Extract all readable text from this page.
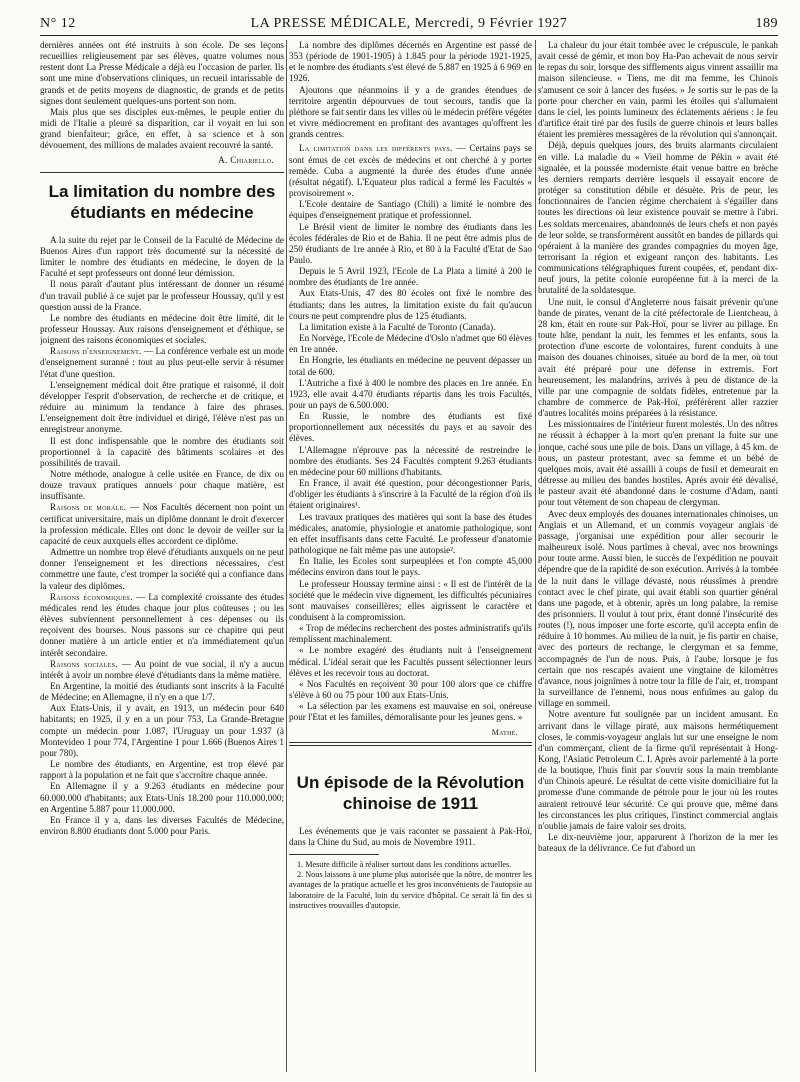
N° 12	LA PRESSE MÉDICALE, Mercredi, 9 Février 1927	189

dernières années ont été instruits à son école. De ses leçons recueillies religieusement par ses élèves, quatre volumes nous restent dont La Presse Médicale a déjà eu l'occasion de parler. Ils sont une mine d'observations cliniques, un recueil intarissable de grands et de petits moyens de diagnostic, de grands et de petits signes dont seulement quelques-uns portent son nom.

Mais plus que ses disciples eux-mêmes, le peuple entier du midi de l'Italie a pleuré sa disparition, car il voyait en lui son grand bienfaiteur; grâce, en effet, à sa science et à son dévouement, des millions de malades avaient recouvré la santé.

A. Chiariello.
La limitation du nombre des étudiants en médecine

A la suite du rejet par le Conseil de la Faculté de Médecine de Buenos Aires d'un rapport très documenté sur la nécessité de limiter le nombre des étudiants en médecine, le doyen de la Faculté et sept professeurs ont donné leur démission.

Il nous paraît d'autant plus intéressant de donner un résumé d'un travail publié à ce sujet par le professeur Houssay, qu'il y est question aussi de la France.

Le nombre des étudiants en médecine doit être limité, dit le professeur Houssay. Aux raisons d'enseignement et d'éthique, se joignent des raisons économiques et sociales.

Raisons d'enseignement. — La conférence verbale est un mode d'enseignement suranné : tout au plus peut-elle servir à résumer l'état d'une question.

L'enseignement médical doit être pratique et raisonné, il doit développer l'esprit d'observation, de recherche et de critique, et réduire au minimum la tendance à faire des phrases. L'enseignement doit être individuel et dirigé, l'élève n'est pas un enregistreur anonyme.

Il est donc indispensable que le nombre des étudiants soit proportionnel à la capacité des bâtiments scolaires et des possibilités de travail.

Notre méthode, analogue à celle usitée en France, de dix ou douze travaux pratiques annuels pour chaque matière, est insuffisante.

Raisons de morale. — Nos Facultés décernent non point un certificat universitaire, mais un diplôme donnant le droit d'exercer la profession médicale. Elles ont donc le devoir de veiller sur la capacité de ceux auxquels elles accordent ce diplôme.

Admettre un nombre trop élevé d'étudiants auxquels on ne peut donner l'enseignement et les directions nécessaires, c'est commettre une faute, c'est tromper la société qui a confiance dans la valeur des diplômes.

Raisons économiques. — La complexité croissante des études médicales rend les études chaque jour plus coûteuses ; ou les élèves subviennent personnellement à ces dépenses ou ils reçoivent des bourses. Nous passons sur ce chapitre qui peut donner matière à un article entier et n'a immédiatement qu'un intérêt secondaire.

Raisons sociales. — Au point de vue social, il n'y a aucun intérêt à avoir un nombre élevé d'étudiants dans la même matière.

En Argentine, la moitié des étudiants sont inscrits à la Faculté de Médecine; en Allemagne, il n'y en a que 1/7.

Aux Etats-Unis, il y avait, en 1913, un médecin pour 640 habitants; en 1925, il y en a un pour 753, La Grande-Bretagne compte un médecin pour 1.087, l'Uruguay un pour 1.937 (à Montevideo 1 pour 774, l'Argentine 1 pour 1.666 (Buenos Aires 1 pour 780).

Le nombre des étudiants, en Argentine, est trop élevé par rapport à la population et ne fait que s'accroître chaque année.

En Allemagne il y a 9.263 étudiants en médecine pour 60.000.000 d'habitants; aux Etats-Unis 18.200 pour 110.000.000; en Argentine 5.887 pour 11.000.000.

En France il y a, dans les diverses Facultés de Médecine, environ 8.800 étudiants dont 5.000 pour Paris.

La nombre des diplômes décernés en Argentine est passé de 353 (période de 1901-1905) à 1.845 pour la période 1921-1925, et le nombre des étudiants s'est élevé de 5.887 en 1925 à 6 969 en 1926.

Ajoutons que néanmoins il y a de grandes étendues de territoire argentin dépourvues de tout secours, tandis que la pléthore se fait sentir dans les villes où le médecin préfère végéter et vivre médiocrement en profitant des avantages qu'offrent les grands centres.

La limitation dans les différents pays. — Certains pays se sont émus de cet excès de médecins et ont cherché à y porter remède. Cuba a augmenté la durée des études d'une année (résultat négatif). L'Equateur plus radical a fermé les Facultés « provisoirement ».

L'Ecole dentaire de Santiago (Chili) a limité le nombre des équipes d'enseignement pratique et professionnel.

Le Brésil vient de limiter le nombre des étudiants dans les écoles fédérales de Rio et de Bahia. Il ne peut être admis plus de 250 étudiants de 1re année à Rio, et 80 à la Faculté d'Etat de Sao Paulo.

Depuis le 5 Avril 1923, l'Ecole de La Plata a limité à 200 le nombre des étudiants de 1re année.

Aux Etats-Unis, 47 des 80 écoles ont fixé le nombre des étudiants; dans les autres, la limitation existe du fait qu'aucun cours ne peut comprendre plus de 125 étudiants.

La limitation existe à la Faculté de Toronto (Canada).

En Norvège, l'Ecole de Médecine d'Oslo n'admet que 60 élèves en 1re année.

En Hongrie, les étudiants en médecine ne peuvent dépasser un total de 600.

L'Autriche a fixé à 400 le nombre des places en 1re année. En 1923, elle avait 4.470 étudiants répartis dans les trois Facultés, pour un pays de 6.500.000.

En Russie, le nombre des étudiants est fixé proportionnellement aux nécessités du pays et au savoir des élèves.

L'Allemagne n'éprouve pas la nécessité de restreindre le nombre des étudiants. Ses 24 Facultés comptent 9.263 étudiants en médecine pour 60 millions d'habitants.

En France, il avait été question, pour décongestionner Paris, d'obliger les étudiants à s'inscrire à la Faculté de la région d'où ils étaient originaires¹.

Les travaux pratiques des matières qui sont la base des études médicales, anatomie, physiologie et anatomie pathologique, sont en effet insuffisants dans cette Faculté. Le professeur d'anatomie pathologique ne fait même pas une autopsie².

En Italie, les Ecoles sont surpeuplées et l'on compte 45,000 médecins environ dans tout le pays.

Le professeur Houssay termine ainsi : « Il est de l'intérêt de la société que le médecin vive dignement, les difficultés pécuniaires sont mauvaises conseillères; elles aigrissent le caractère et conduisent à la compromission.

« Trop de médecins recherchent des postes administratifs qu'ils remplissent machinalement.

« Le nombre exagéré des étudiants nuit à l'enseignement médical. L'idéal serait que les Facultés pussent sélectionner leurs élèves et les recevoir tous au doctorat.

« Nos Facultés en reçoivent 30 pour 100 alors que ce chiffre s'élève à 60 ou 75 pour 100 aux Etats-Unis.

« La sélection par les examens est mauvaise en soi, onéreuse pour l'Etat et les familles, démoralisante pour les jeunes gens. »

Mathé.
Un épisode de la Révolution chinoise de 1911

Les événements que je vais raconter se passaient à Pak-Hoï, dans la Chine du Sud, au mois de Novembre 1911.

1. Mesure difficile à réaliser surtout dans les conditions actuelles.

2. Nous laissons à une plume plus autorisée que la nôtre, de montrer les avantages de la pratique actuelle et les gros inconvénients de l'autopsie au laboratoire de la Faculté, loin du service d'hôpital. Ce serait là fin des si instructives trouvailles d'autopsie.

La chaleur du jour était tombée avec le crépuscule, le pankah avait cessé de gémir, et mon boy Ha-Pao achevait de nous servir le repas du soir, lorsque des sifflements aigus vinrent assaillir ma maison silencieuse. « Tiens, me dit ma femme, les Chinois s'amusent ce soir à lancer des fusées. » Je sortis sur le pas de la porte pour chercher en vain, parmi les étoiles qui s'allumaient dans le ciel, les points lumineux des éclatements aériens : le feu d'artifice était tiré par des fusils de guerre chinois et leurs balles étaient les premières messagères de la révolution qui s'annonçait.

Déjà, depuis quelques jours, des bruits alarmants circulaient en ville. La maladie du « Vieil homme de Pékin » avait été signalée, et la poussée moderniste était venue battre en brèche les derniers remparts derrière lesquels il essayait encore de protéger sa constitution débile et désuète. Pris de peur, les fonctionnaires de l'ancien régime cherchaient à s'égailler dans toutes les directions où leur existence pouvait se mettre à l'abri. Les soldats mercenaires, abandonnés de leurs chefs et non payés de leur solde, se transformèrent aussitôt en bandes de pillards qui opéraient à la manière des grandes compagnies du moyen âge, terrorisant la région et exigeant rançon des habitants. Les communications télégraphiques furent coupées, et, pendant dix-neuf jours, la petite colonie européenne fut à la merci de la brutalité de la soldatesque.

Une nuit, le consul d'Angleterre nous faisait prévenir qu'une bande de pirates, venant de la cité préfectorale de Lientcheau, à 28 km, était en route sur Pak-Hoï, pour se livrer au pillage. En toute hâte, pendant la nuit, les femmes et les enfants, sous la protection d'une escorte de volontaires, furent conduits à une maison des douanes chinoises, située au bord de la mer, où tout avait été préparé pour une défense in extremis. Fort heureusement, les malandrins, arrivés à peu de distance de la ville par une compagnie de soldats fidèles, entretenue par la chambre de commerce de Pak-Hoï, préférèrent aller razzier d'autres localités moins préparées à la résistance.

Les missionnaires de l'intérieur furent molestés. Un des nôtres ne réussit à échapper à la mort qu'en prenant la fuite sur une jonque, caché sous une pile de bois. Dans un village, à 45 km. de nous, un pasteur protestant, avec sa femme et un bébé de quelques mois, avait été assailli à coups de fusil et demeurait en détresse au milieu des bandes hostiles. Après avoir été dévalisé, le pasteur avait été abandonné dans le costume d'Adam, nanti pour tout vêtement de son chapeau de clergyman.

Avec deux employés des douanes internationales chinoises, un Anglais et un Allemand, et un commis voyageur anglais de passage, j'organisai une expédition pour aller secourir le malheureux isolé. Nous partîmes à cheval, avec nos brownings pour toute arme. Aussi bien, le succès de l'expédition ne pouvait dépendre que de la rapidité de son exécution. Arrivés à la tombée de la nuit dans le village dévasté, nous réussîmes à prendre contact avec le chef pirate, qui avait établi son quartier général dans une pagode, et à obtenir, après un long palabre, la remise des prisonniers. Il voulut à tout prix, étant donné l'insécurité des routes (!), nous imposer une forte escorte, qu'il accepta enfin de réduire à 10 hommes. Au milieu de la nuit, je fis partir en chaise, avec des porteurs de rechange, le clergyman et sa femme, accompagnés de l'un de nous. Puis, à l'aube, lorsque je fus certain que nos rescapés avaient une vingtaine de kilomètres d'avance, nous joignîmes à notre tour la fille de l'air, et, trompant la surveillance de l'ennemi, nous nous enfuîmes au galop du village en sommeil.

Notre aventure fut soulignée par un incident amusant. En arrivant dans le village piraté, aux maisons hermétiquement closes, le commis-voyageur anglais lut sur une enseigne le nom d'un commerçant, client de la firme qu'il représentait à Hong-Kong, l'Asiatic Petroleum C. I. Après avoir parlementé à la porte de la boutique, l'huis finit par s'ouvrir sous la main tremblante d'un Chinois apeuré. Le résultat de cette visite domiciliaire fut la promesse d'une commande de pétrole pour le jour où les routes auraient retrouvé leur sécurité. Ce qui prouve que, même dans les circonstances les plus critiques, l'instinct commercial anglais n'oublie jamais de faire valoir ses droits.

Le dix-neuvième jour, apparurent à l'horizon de la mer les bateaux de la délivrance. Ce fut d'abord un
